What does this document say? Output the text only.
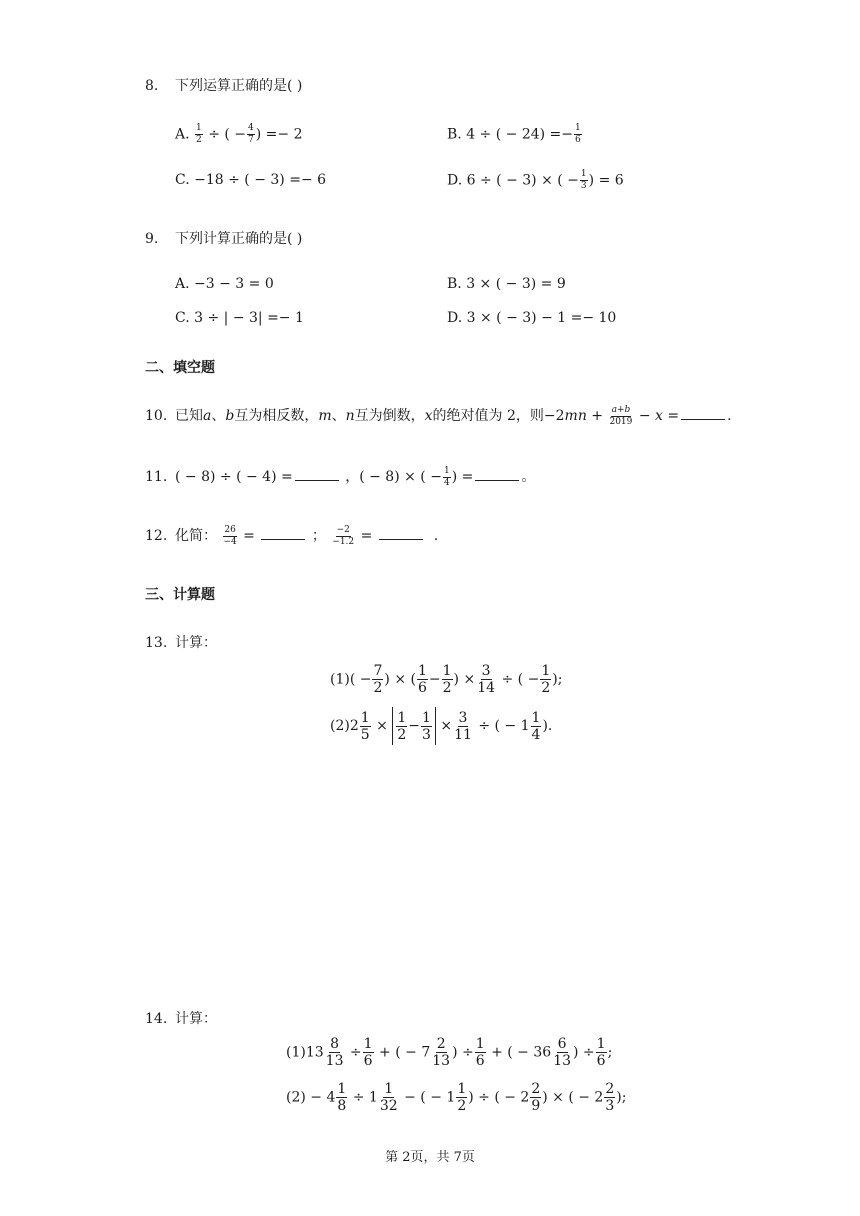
8. 下列运算正确的是( )
A. $\frac{1}{2}$ ÷ ( − $\frac{4}{7}$ ) =− 2	B. 4 ÷ ( − $24) =- \frac{1}{6}$
C. −18 ÷ ( − 3) =− 6	D. 6 ÷ ( − 3) × ( − $\frac{1}{3}$ ) = 6
9. 下列计算正确的是( )
A. −3 − 3 = 0	B. 3 × ( − 3) = 9
C. 3 ÷ | − 3| =− 1	D. 3 × ( − 3) − 1 =− 10
二、填空题
10. 已知a、b互为相反数，m、n互为倒数，x的绝对值为 2，则$-2mn + \frac{a+b}{2019} - x$ =	.
11. ( − 8) ÷ ( − 4) =	，( − 8) × ( − $\frac{1}{4}$ ) =	。
12. 化简： $\frac{26}{-4}$ =	； $\frac{-2}{-1.2}$ =	.
三、计算题
13. 计算：
$(1)( - \frac{7}{2}$ ) × ( $\frac{1}{6} - \frac{1}{2}$ ) × $\frac{3}{14}$ ÷ ( − $\frac{1}{2}$ );
$(2)2 \frac{1}{5} \times \frac{1}{2} - \frac{1}{3} \times \frac{3}{11}$ ÷ ( − $1 \frac{1}{4}$ ).
14. 计算：
$(1)13 \frac{8}{13} \div \frac{1}{6}$ + ( − $7 \frac{2}{13}$ ) ÷ $\frac{1}{6}$ + ( − $36 \frac{6}{13}$ ) ÷ $\frac{1}{6}$ ;
$(2) - 4 \frac{1}{8} \div 1 \frac{1}{32}$ − ( − $1 \frac{1}{2}$ ) ÷ ( − $2 \frac{2}{9}$ ) × ( − $2 \frac{2}{3}$ );
第 2页，共 7页
